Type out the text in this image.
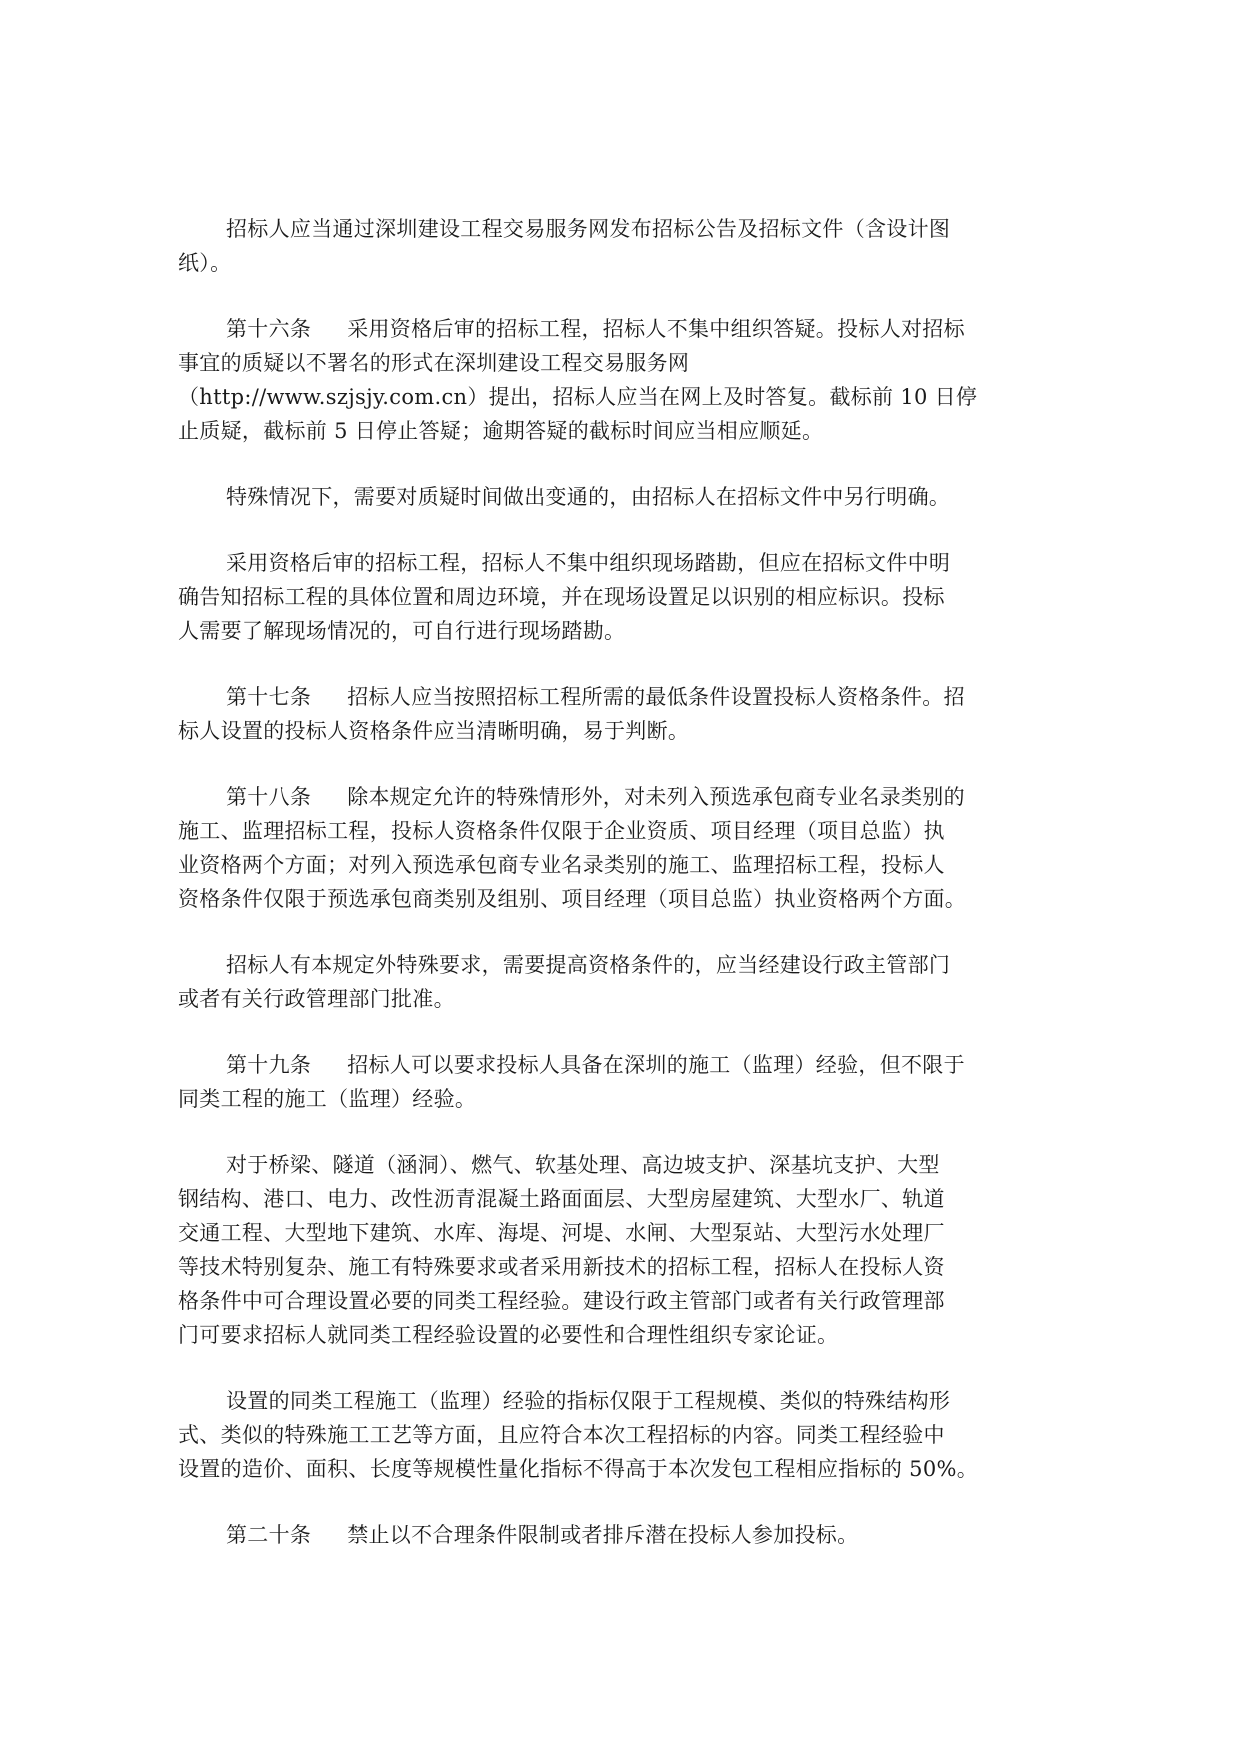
招标人应当通过深圳建设工程交易服务网发布招标公告及招标文件（含设计图
纸）。

第十六条 采用资格后审的招标工程，招标人不集中组织答疑。投标人对招标
事宜的质疑以不署名的形式在深圳建设工程交易服务网
（http://www.szjsjy.com.cn）提出，招标人应当在网上及时答复。截标前 10 日停
止质疑，截标前 5 日停止答疑；逾期答疑的截标时间应当相应顺延。

特殊情况下，需要对质疑时间做出变通的，由招标人在招标文件中另行明确。

采用资格后审的招标工程，招标人不集中组织现场踏勘，但应在招标文件中明
确告知招标工程的具体位置和周边环境，并在现场设置足以识别的相应标识。投标
人需要了解现场情况的，可自行进行现场踏勘。

第十七条 招标人应当按照招标工程所需的最低条件设置投标人资格条件。招
标人设置的投标人资格条件应当清晰明确，易于判断。

第十八条 除本规定允许的特殊情形外，对未列入预选承包商专业名录类别的
施工、监理招标工程，投标人资格条件仅限于企业资质、项目经理（项目总监）执
业资格两个方面；对列入预选承包商专业名录类别的施工、监理招标工程，投标人
资格条件仅限于预选承包商类别及组别、项目经理（项目总监）执业资格两个方面。

招标人有本规定外特殊要求，需要提高资格条件的，应当经建设行政主管部门
或者有关行政管理部门批准。

第十九条 招标人可以要求投标人具备在深圳的施工（监理）经验，但不限于
同类工程的施工（监理）经验。

对于桥梁、隧道（涵洞）、燃气、软基处理、高边坡支护、深基坑支护、大型
钢结构、港口、电力、改性沥青混凝土路面面层、大型房屋建筑、大型水厂、轨道
交通工程、大型地下建筑、水库、海堤、河堤、水闸、大型泵站、大型污水处理厂
等技术特别复杂、施工有特殊要求或者采用新技术的招标工程，招标人在投标人资
格条件中可合理设置必要的同类工程经验。建设行政主管部门或者有关行政管理部
门可要求招标人就同类工程经验设置的必要性和合理性组织专家论证。

设置的同类工程施工（监理）经验的指标仅限于工程规模、类似的特殊结构形
式、类似的特殊施工工艺等方面，且应符合本次工程招标的内容。同类工程经验中
设置的造价、面积、长度等规模性量化指标不得高于本次发包工程相应指标的 50%。

第二十条 禁止以不合理条件限制或者排斥潜在投标人参加投标。
